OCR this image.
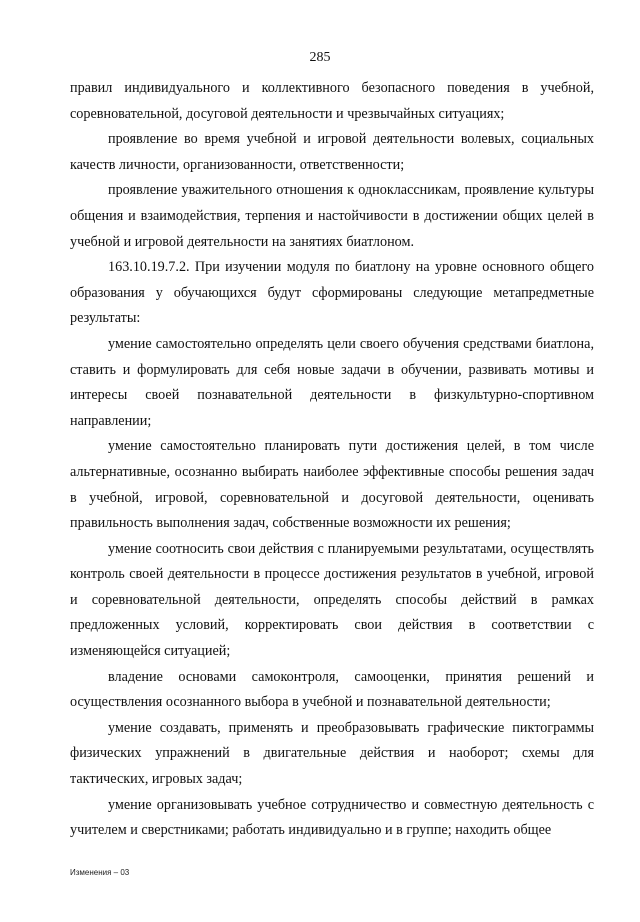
285

правил индивидуального и коллективного безопасного поведения в учебной, соревновательной, досуговой деятельности и чрезвычайных ситуациях;

проявление во время учебной и игровой деятельности волевых, социальных качеств личности, организованности, ответственности;

проявление уважительного отношения к одноклассникам, проявление культуры общения и взаимодействия, терпения и настойчивости в достижении общих целей в учебной и игровой деятельности на занятиях биатлоном.

163.10.19.7.2. При изучении модуля по биатлону на уровне основного общего образования у обучающихся будут сформированы следующие метапредметные результаты:

умение самостоятельно определять цели своего обучения средствами биатлона, ставить и формулировать для себя новые задачи в обучении, развивать мотивы и интересы своей познавательной деятельности в физкультурно-спортивном направлении;

умение самостоятельно планировать пути достижения целей, в том числе альтернативные, осознанно выбирать наиболее эффективные способы решения задач в учебной, игровой, соревновательной и досуговой деятельности, оценивать правильность выполнения задач, собственные возможности их решения;

умение соотносить свои действия с планируемыми результатами, осуществлять контроль своей деятельности в процессе достижения результатов в учебной, игровой и соревновательной деятельности, определять способы действий в рамках предложенных условий, корректировать свои действия в соответствии с изменяющейся ситуацией;

владение основами самоконтроля, самооценки, принятия решений и осуществления осознанного выбора в учебной и познавательной деятельности;

умение создавать, применять и преобразовывать графические пиктограммы физических упражнений в двигательные действия и наоборот; схемы для тактических, игровых задач;

умение организовывать учебное сотрудничество и совместную деятельность с учителем и сверстниками; работать индивидуально и в группе; находить общее

Изменения – 03
